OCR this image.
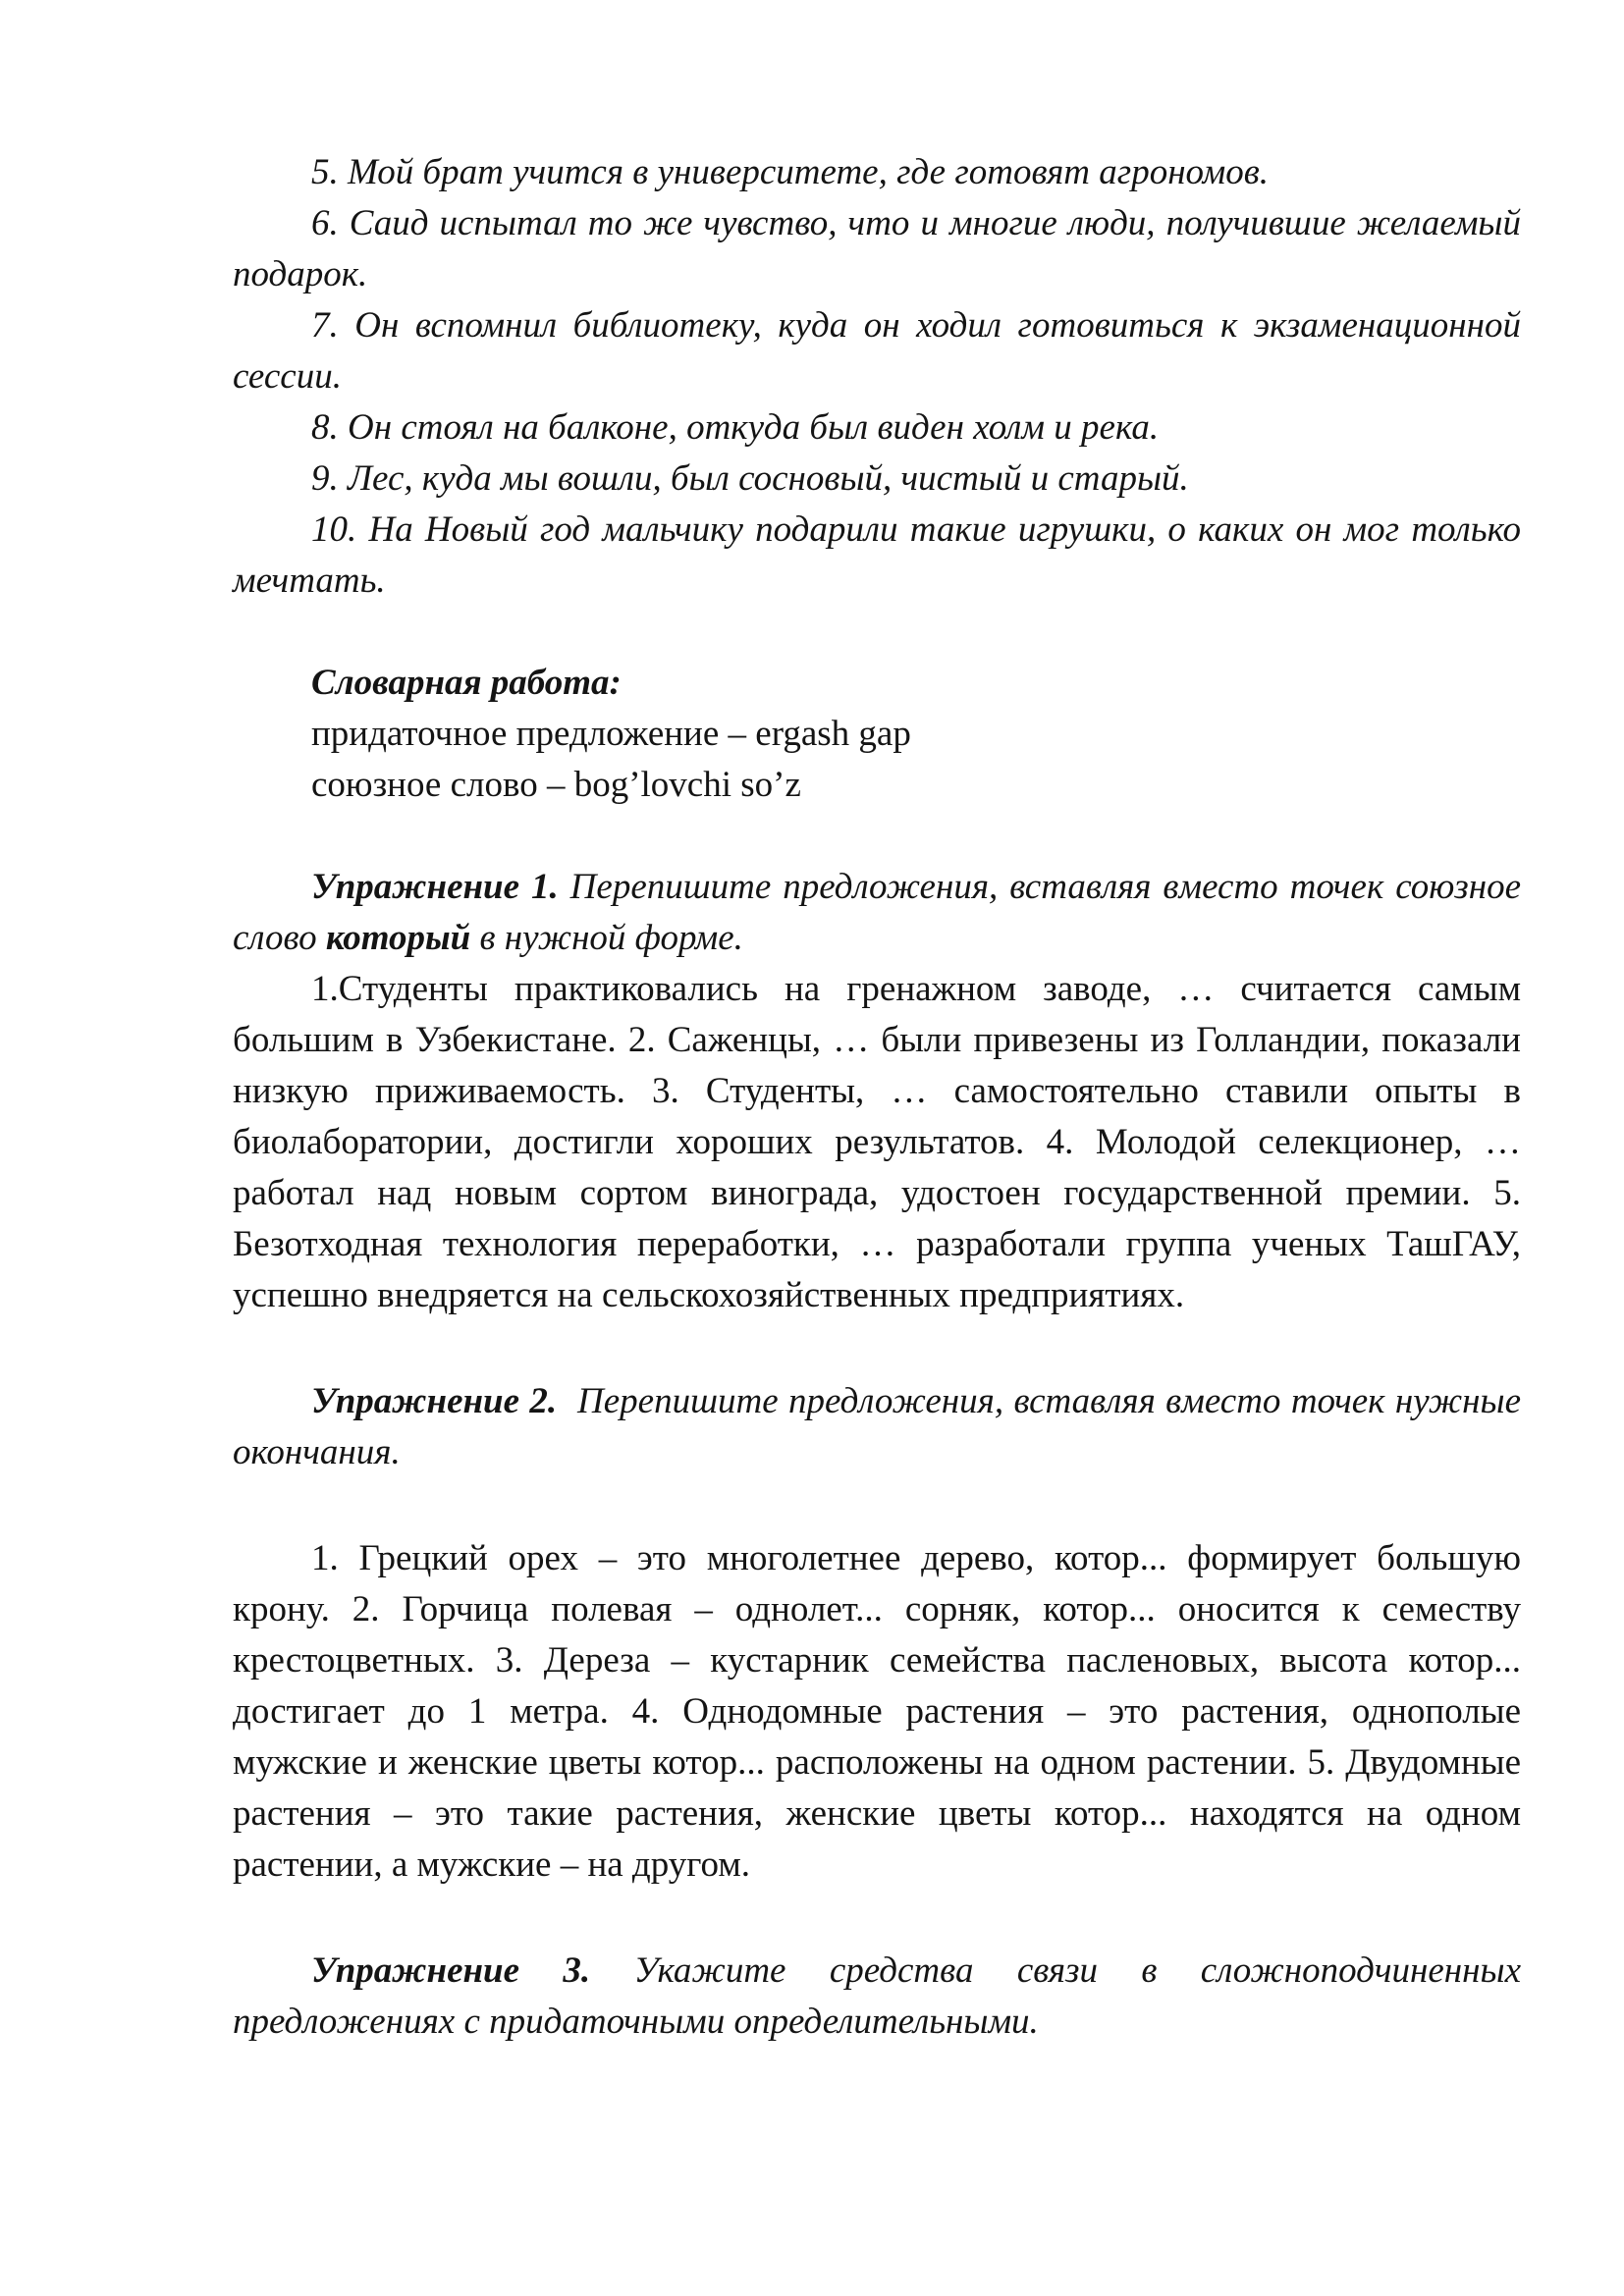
5. Мой брат учится в университете, где готовят агрономов.

6. Саид испытал то же чувство, что и многие люди, получившие желаемый подарок.

7. Он вспомнил библиотеку, куда он ходил готовиться к экзаменационной сессии.

8. Он стоял на балконе, откуда был виден холм и река.

9. Лес, куда мы вошли, был сосновый, чистый и старый.

10. На Новый год мальчику подарили такие игрушки, о каких он мог только мечтать.

Словарная работа:

придаточное предложение – ergash gap

союзное слово – bog’lovchi so’z

Упражнение 1. Перепишите предложения, вставляя вместо точек союзное слово который в нужной форме.

1.Студенты практиковались на гренажном заводе, … считается самым большим в Узбекистане. 2. Саженцы, … были привезены из Голландии, показали низкую приживаемость. 3. Студенты, … самостоятельно ставили опыты в биолаборатории, достигли хороших результатов. 4. Молодой селекционер, …работал над новым сортом винограда, удостоен государственной премии. 5. Безотходная технология переработки, … разработали группа ученых ТашГАУ, успешно внедряется на сельскохозяйственных предприятиях.

Упражнение 2. Перепишите предложения, вставляя вместо точек нужные окончания.

1. Грецкий орех – это многолетнее дерево, котор... формирует большую крону. 2. Горчица полевая – однолет... сорняк, котор... оносится к семеству крестоцветных. 3. Дереза – кустарник семейства пасленовых, высота котор... достигает до 1 метра. 4. Однодомные растения – это растения, однополые мужские и женские цветы котор... расположены на одном растении. 5. Двудомные растения – это такие растения, женские цветы котор... находятся на одном растении, а мужские – на другом.

Упражнение 3. Укажите средства связи в сложноподчиненных предложениях с придаточными определительными.
